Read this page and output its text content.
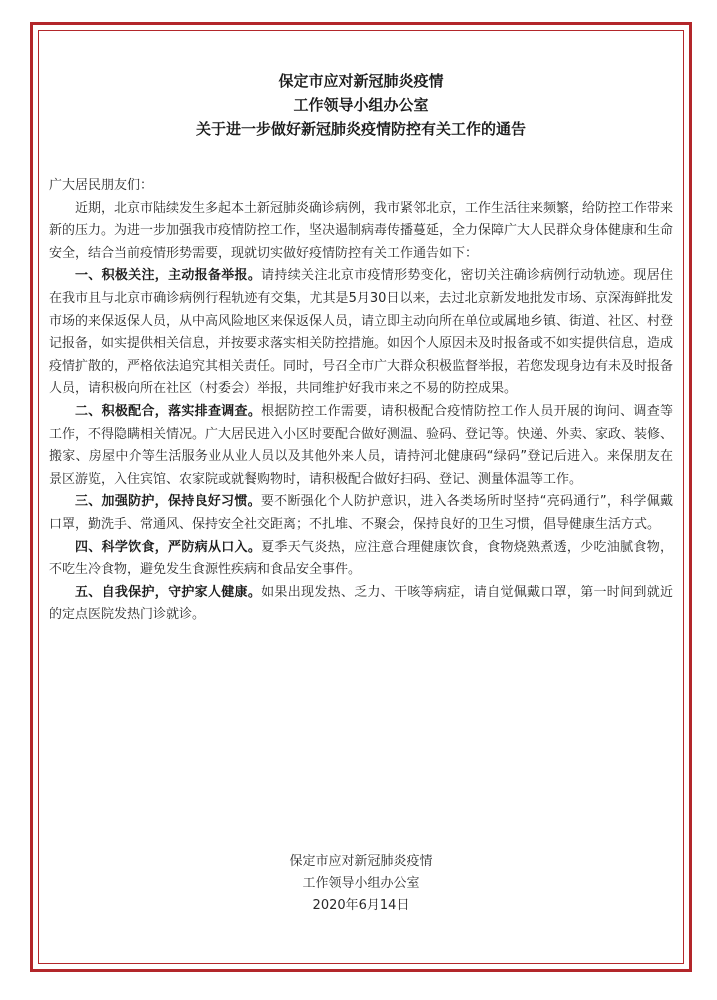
保定市应对新冠肺炎疫情
工作领导小组办公室
关于进一步做好新冠肺炎疫情防控有关工作的通告

广大居民朋友们：

近期，北京市陆续发生多起本土新冠肺炎确诊病例，我市紧邻北京，工作生活往来频繁，给防控工作带来新的压力。为进一步加强我市疫情防控工作，坚决遏制病毒传播蔓延，全力保障广大人民群众身体健康和生命安全，结合当前疫情形势需要，现就切实做好疫情防控有关工作通告如下：

一、积极关注，主动报备举报。请持续关注北京市疫情形势变化，密切关注确诊病例行动轨迹。现居住在我市且与北京市确诊病例行程轨迹有交集，尤其是5月30日以来，去过北京新发地批发市场、京深海鲜批发市场的来保返保人员，从中高风险地区来保返保人员，请立即主动向所在单位或属地乡镇、街道、社区、村登记报备，如实提供相关信息，并按要求落实相关防控措施。如因个人原因未及时报备或不如实提供信息，造成疫情扩散的，严格依法追究其相关责任。同时，号召全市广大群众积极监督举报，若您发现身边有未及时报备人员，请积极向所在社区（村委会）举报，共同维护好我市来之不易的防控成果。

二、积极配合，落实排查调查。根据防控工作需要，请积极配合疫情防控工作人员开展的询问、调查等工作，不得隐瞒相关情况。广大居民进入小区时要配合做好测温、验码、登记等。快递、外卖、家政、装修、搬家、房屋中介等生活服务业从业人员以及其他外来人员，请持河北健康码“绿码”登记后进入。来保朋友在景区游览，入住宾馆、农家院或就餐购物时，请积极配合做好扫码、登记、测量体温等工作。

三、加强防护，保持良好习惯。要不断强化个人防护意识，进入各类场所时坚持“亮码通行”，科学佩戴口罩，勤洗手、常通风、保持安全社交距离；不扎堆、不聚会，保持良好的卫生习惯，倡导健康生活方式。

四、科学饮食，严防病从口入。夏季天气炎热，应注意合理健康饮食，食物烧熟煮透，少吃油腻食物，不吃生冷食物，避免发生食源性疾病和食品安全事件。

五、自我保护，守护家人健康。如果出现发热、乏力、干咳等病症，请自觉佩戴口罩，第一时间到就近的定点医院发热门诊就诊。

保定市应对新冠肺炎疫情
工作领导小组办公室
2020年6月14日
